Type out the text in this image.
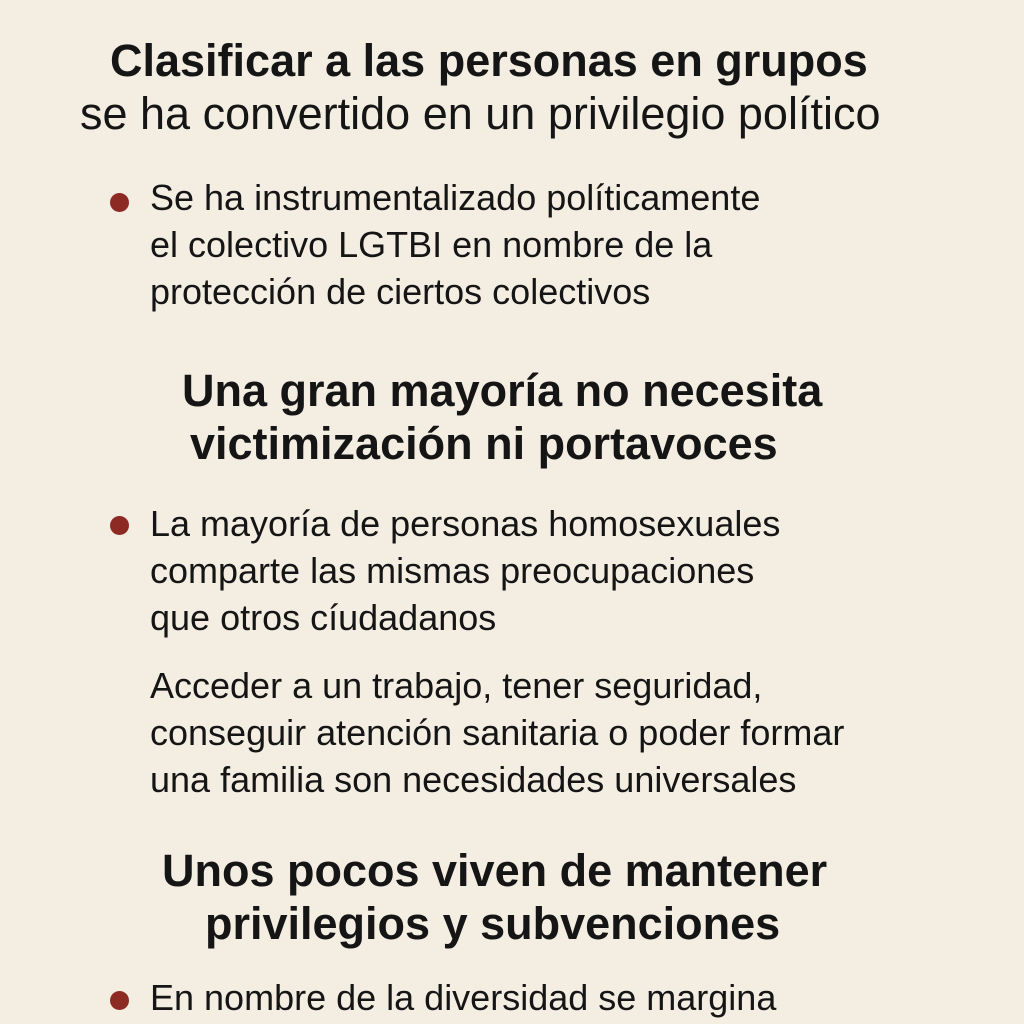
Clasificar a las personas en grupos
se ha convertido en un privilegio político

Se ha instrumentalizado políticamente
el colectivo LGTBI en nombre de la
protección de ciertos colectivos

Una gran mayoría no necesita
victimización ni portavoces

La mayoría de personas homosexuales
comparte las mismas preocupaciones
que otros cíudadanos

Acceder a un trabajo, tener seguridad,
conseguir atención sanitaria o poder formar
una familia son necesidades universales

Unos pocos viven de mantener
privilegios y subvenciones

En nombre de la diversidad se margina
